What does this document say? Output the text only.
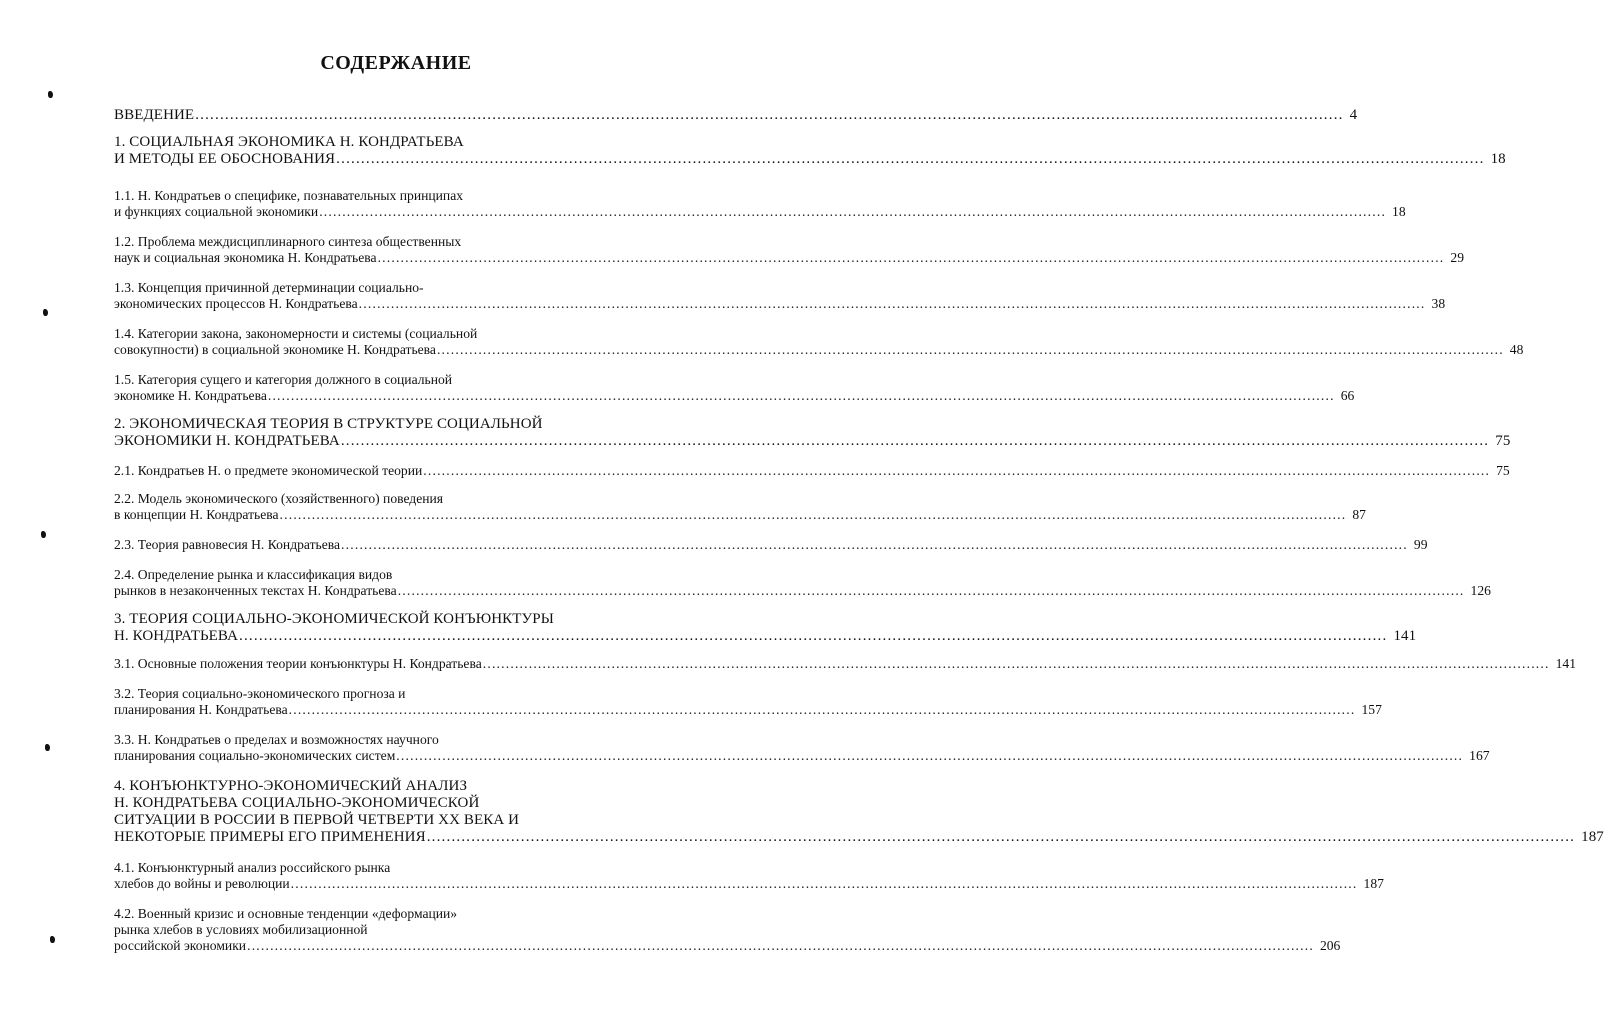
СОДЕРЖАНИЕ
ВВЕДЕНИЕ .....	4
1. СОЦИАЛЬНАЯ ЭКОНОМИКА Н. КОНДРАТЬЕВА
И МЕТОДЫ ЕЕ ОБОСНОВАНИЯ .....	18
1.1. Н. Кондратьев о специфике, познавательных принципах
и функциях социальной экономики .....	18
1.2. Проблема междисциплинарного синтеза общественных
наук и социальная экономика Н. Кондратьева .....	29
1.3. Концепция причинной детерминации социально-
экономических процессов Н. Кондратьева .....	38
1.4. Категории закона, закономерности и системы (социальной
совокупности) в социальной экономике Н. Кондратьева .....	48
1.5. Категория сущего и категория должного в социальной
экономике Н. Кондратьева .....	66
2. ЭКОНОМИЧЕСКАЯ ТЕОРИЯ В СТРУКТУРЕ СОЦИАЛЬНОЙ
ЭКОНОМИКИ Н. КОНДРАТЬЕВА .....	75
2.1. Кондратьев Н. о предмете экономической теории .....	75
2.2. Модель экономического (хозяйственного) поведения
в концепции Н. Кондратьева .....	87
2.3. Теория равновесия Н. Кондратьева .....	99
2.4. Определение рынка и классификация видов
рынков в незаконченных текстах Н. Кондратьева .....	126
3. ТЕОРИЯ СОЦИАЛЬНО-ЭКОНОМИЧЕСКОЙ КОНЪЮНКТУРЫ
Н. КОНДРАТЬЕВА .....	141
3.1. Основные положения теории конъюнктуры Н. Кондратьева .....	141
3.2. Теория социально-экономического прогноза и
планирования Н. Кондратьева .....	157
3.3. Н. Кондратьев о пределах и возможностях научного
планирования социально-экономических систем .....	167
4. КОНЪЮНКТУРНО-ЭКОНОМИЧЕСКИЙ АНАЛИЗ
Н. КОНДРАТЬЕВА СОЦИАЛЬНО-ЭКОНОМИЧЕСКОЙ
СИТУАЦИИ В РОССИИ В ПЕРВОЙ ЧЕТВЕРТИ XX ВЕКА И
НЕКОТОРЫЕ ПРИМЕРЫ ЕГО ПРИМЕНЕНИЯ .....	187
4.1. Конъюнктурный анализ российского рынка
хлебов до войны и революции .....	187
4.2. Военный кризис и основные тенденции «деформации»
рынка хлебов в условиях мобилизационной
российской экономики .....	206
